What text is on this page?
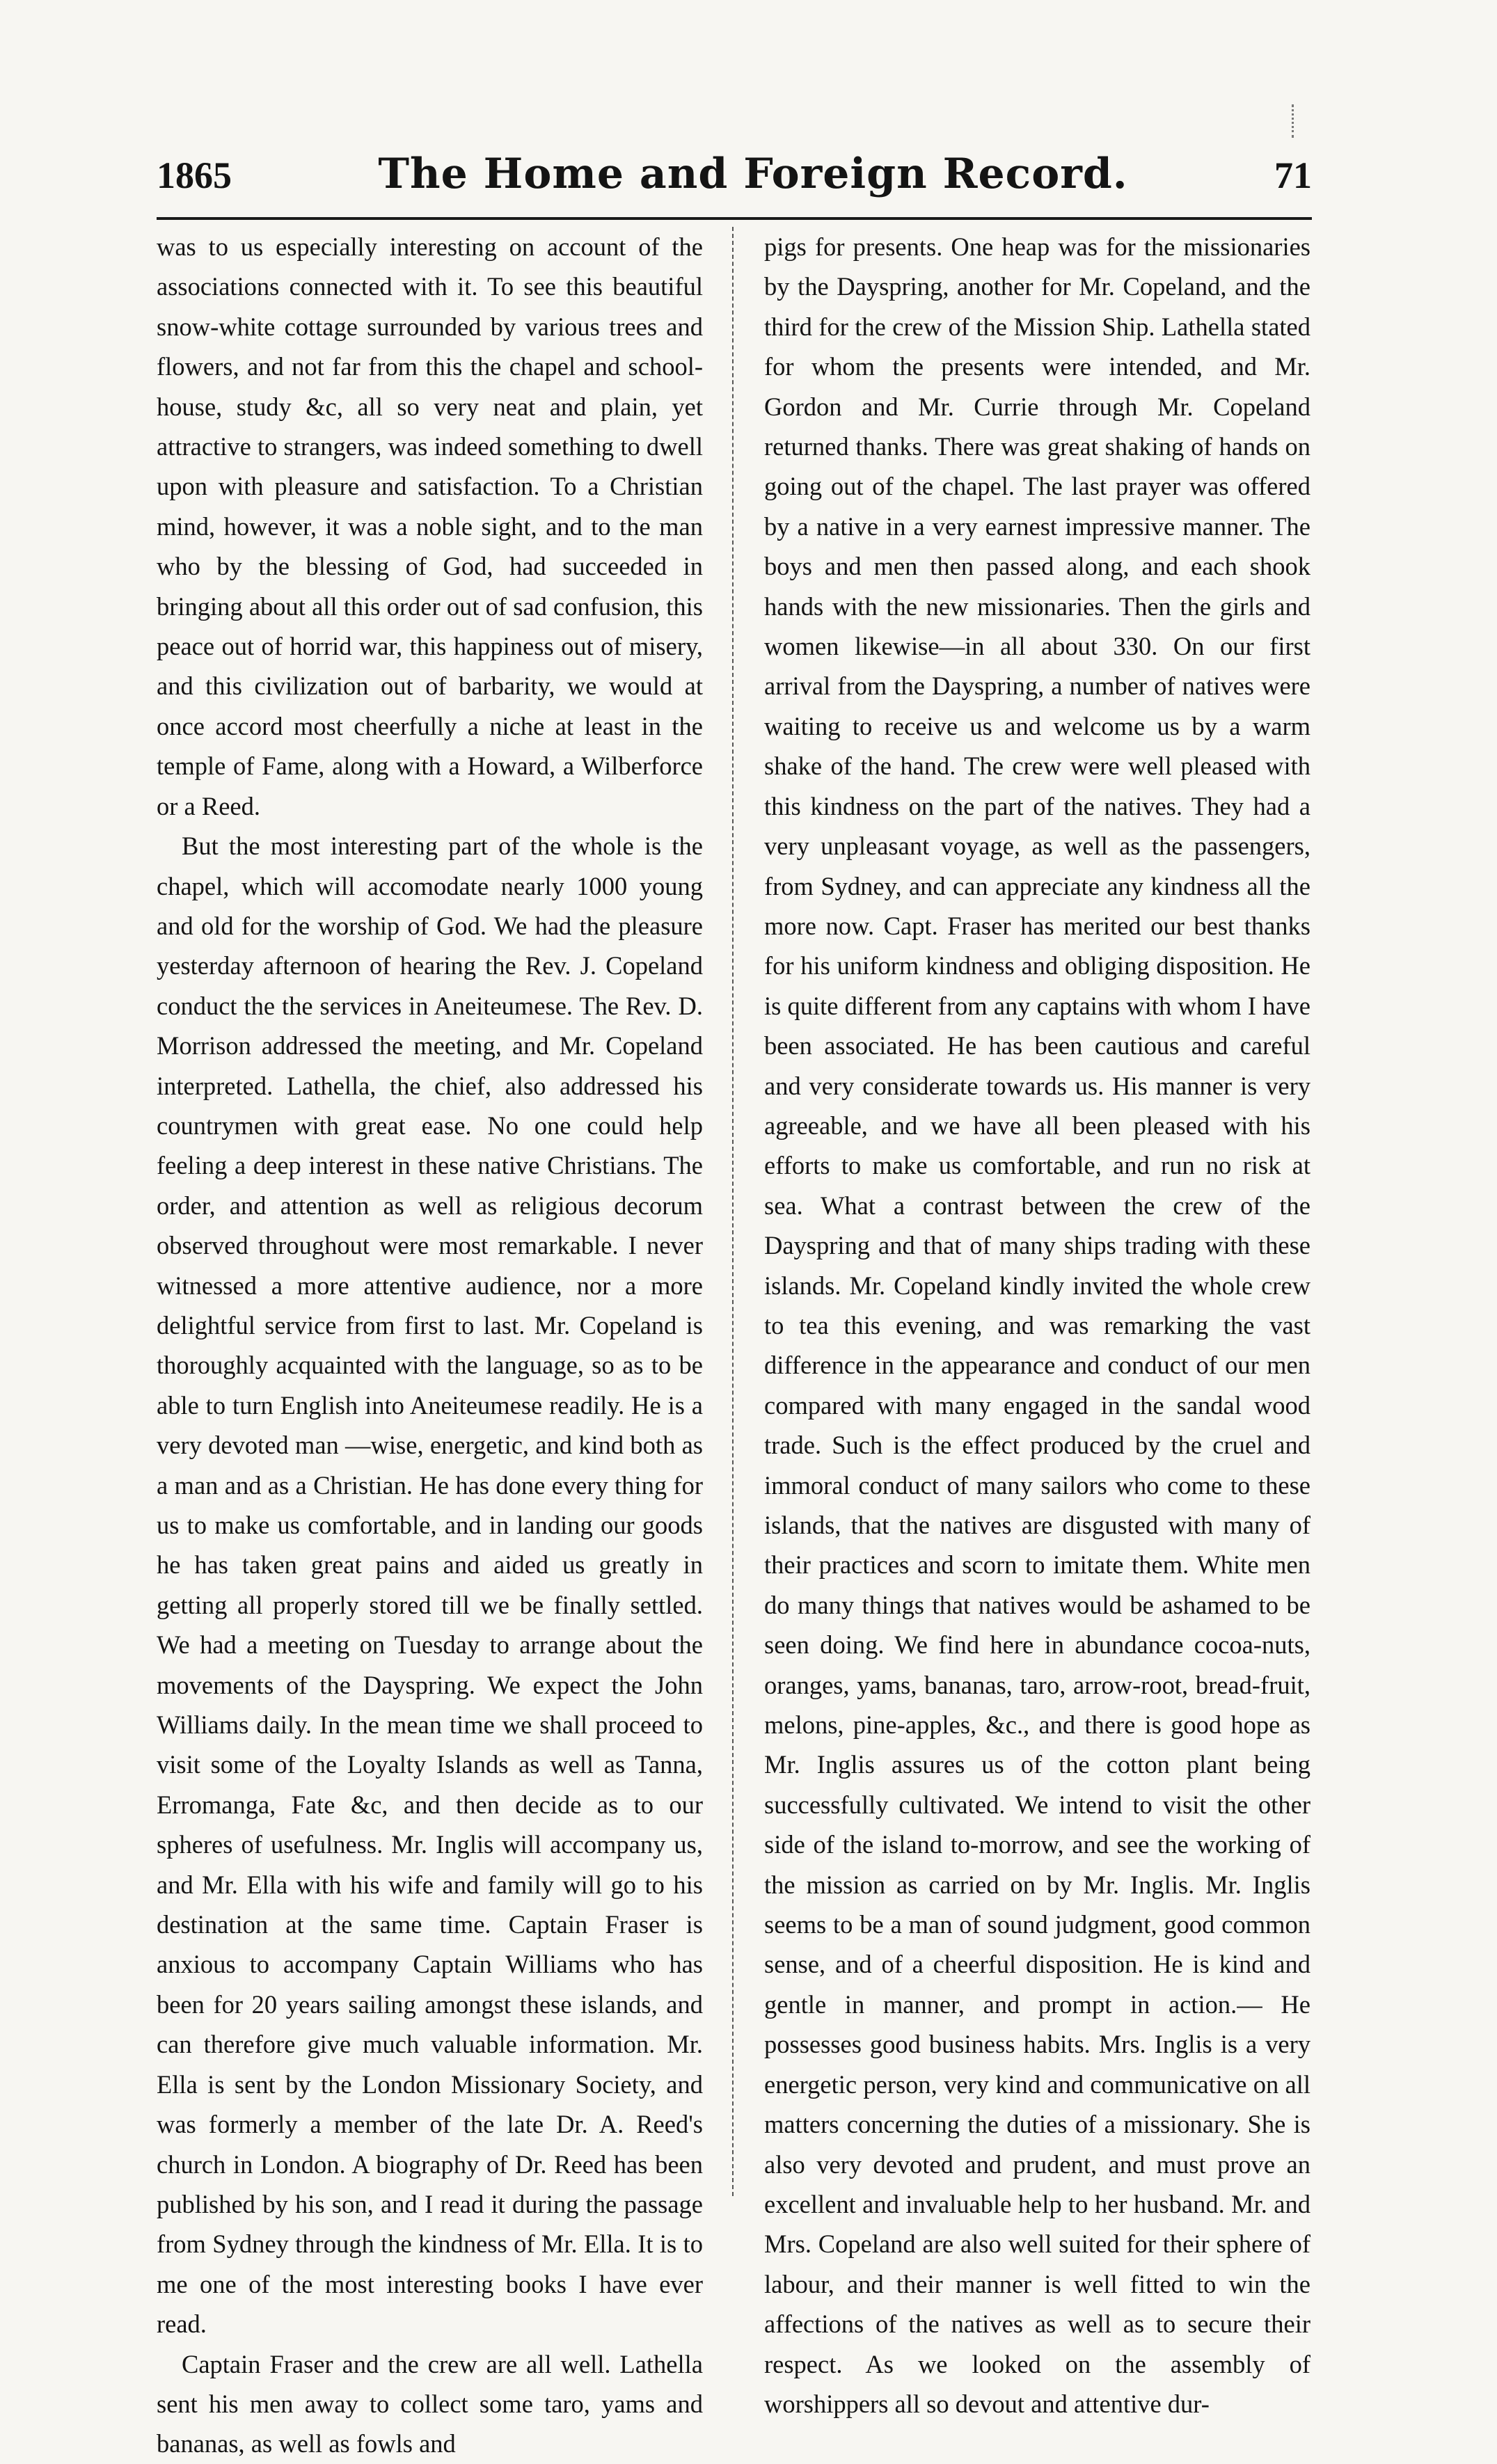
1865	The Home and Foreign Record.	71

was to us especially interesting on account of the associations connected with it. To see this beautiful snow-white cottage surrounded by various trees and flowers, and not far from this the chapel and school-house, study &c, all so very neat and plain, yet attractive to strangers, was indeed something to dwell upon with pleasure and satisfaction. To a Christian mind, however, it was a noble sight, and to the man who by the blessing of God, had succeeded in bringing about all this order out of sad confusion, this peace out of horrid war, this happiness out of misery, and this civilization out of barbarity, we would at once accord most cheerfully a niche at least in the temple of Fame, along with a Howard, a Wilberforce or a Reed.

But the most interesting part of the whole is the chapel, which will accomodate nearly 1000 young and old for the worship of God. We had the pleasure yesterday afternoon of hearing the Rev. J. Copeland conduct the the services in Aneiteumese. The Rev. D. Morrison addressed the meeting, and Mr. Copeland interpreted. Lathella, the chief, also addressed his countrymen with great ease. No one could help feeling a deep interest in these native Christians. The order, and attention as well as religious decorum observed throughout were most remarkable. I never witnessed a more attentive audience, nor a more delightful service from first to last. Mr. Copeland is thoroughly acquainted with the language, so as to be able to turn English into Aneiteumese readily. He is a very devoted man —wise, energetic, and kind both as a man and as a Christian. He has done every thing for us to make us comfortable, and in landing our goods he has taken great pains and aided us greatly in getting all properly stored till we be finally settled. We had a meeting on Tuesday to arrange about the movements of the Dayspring. We expect the John Williams daily. In the mean time we shall proceed to visit some of the Loyalty Islands as well as Tanna, Erromanga, Fate &c, and then decide as to our spheres of usefulness. Mr. Inglis will accompany us, and Mr. Ella with his wife and family will go to his destination at the same time. Captain Fraser is anxious to accompany Captain Williams who has been for 20 years sailing amongst these islands, and can therefore give much valuable information. Mr. Ella is sent by the London Missionary Society, and was formerly a member of the late Dr. A. Reed's church in London. A biography of Dr. Reed has been published by his son, and I read it during the passage from Sydney through the kindness of Mr. Ella. It is to me one of the most interesting books I have ever read.

Captain Fraser and the crew are all well. Lathella sent his men away to collect some taro, yams and bananas, as well as fowls and

pigs for presents. One heap was for the missionaries by the Dayspring, another for Mr. Copeland, and the third for the crew of the Mission Ship. Lathella stated for whom the presents were intended, and Mr. Gordon and Mr. Currie through Mr. Copeland returned thanks. There was great shaking of hands on going out of the chapel. The last prayer was offered by a native in a very earnest impressive manner. The boys and men then passed along, and each shook hands with the new missionaries. Then the girls and women likewise—in all about 330. On our first arrival from the Dayspring, a number of natives were waiting to receive us and welcome us by a warm shake of the hand. The crew were well pleased with this kindness on the part of the natives. They had a very unpleasant voyage, as well as the passengers, from Sydney, and can appreciate any kindness all the more now. Capt. Fraser has merited our best thanks for his uniform kindness and obliging disposition. He is quite different from any captains with whom I have been associated. He has been cautious and careful and very considerate towards us. His manner is very agreeable, and we have all been pleased with his efforts to make us comfortable, and run no risk at sea. What a contrast between the crew of the Dayspring and that of many ships trading with these islands. Mr. Copeland kindly invited the whole crew to tea this evening, and was remarking the vast difference in the appearance and conduct of our men compared with many engaged in the sandal wood trade. Such is the effect produced by the cruel and immoral conduct of many sailors who come to these islands, that the natives are disgusted with many of their practices and scorn to imitate them. White men do many things that natives would be ashamed to be seen doing. We find here in abundance cocoa-nuts, oranges, yams, bananas, taro, arrow-root, bread-fruit, melons, pine-apples, &c., and there is good hope as Mr. Inglis assures us of the cotton plant being successfully cultivated. We intend to visit the other side of the island to-morrow, and see the working of the mission as carried on by Mr. Inglis. Mr. Inglis seems to be a man of sound judgment, good common sense, and of a cheerful disposition. He is kind and gentle in manner, and prompt in action.— He possesses good business habits. Mrs. Inglis is a very energetic person, very kind and communicative on all matters concerning the duties of a missionary. She is also very devoted and prudent, and must prove an excellent and invaluable help to her husband. Mr. and Mrs. Copeland are also well suited for their sphere of labour, and their manner is well fitted to win the affections of the natives as well as to secure their respect. As we looked on the assembly of worshippers all so devout and attentive dur-
